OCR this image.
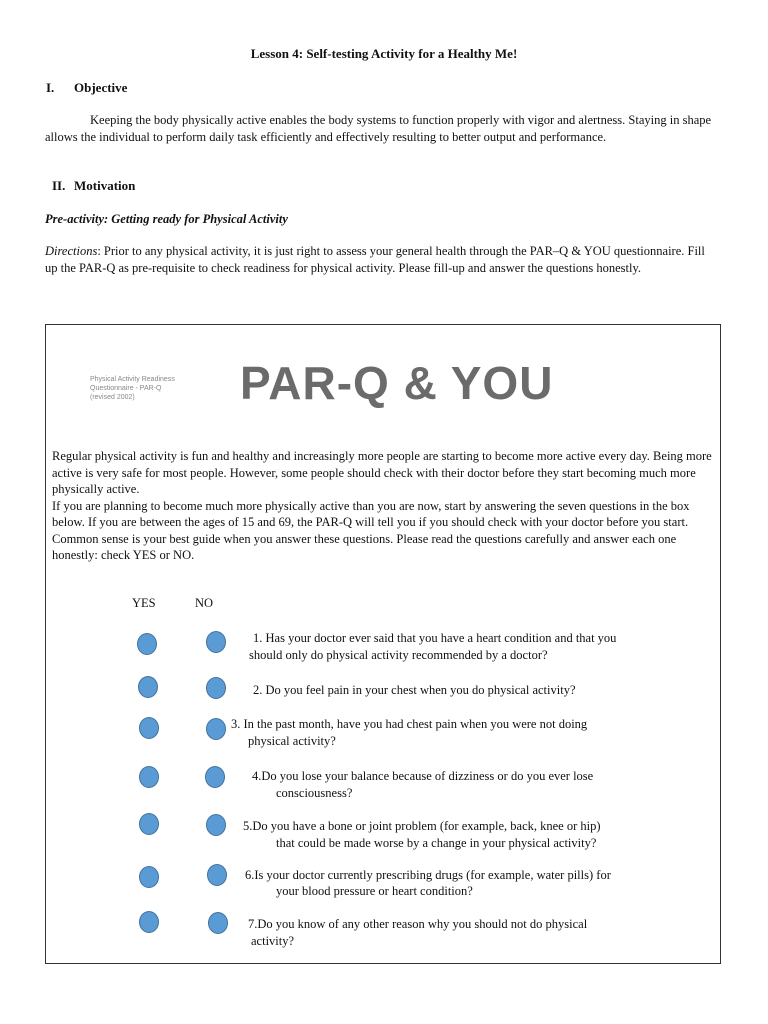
Lesson 4: Self-testing Activity for a Healthy Me!
I. Objective
Keeping the body physically active enables the body systems to function properly with vigor and alertness. Staying in shape allows the individual to perform daily task efficiently and effectively resulting to better output and performance.
II. Motivation
Pre-activity: Getting ready for Physical Activity
Directions: Prior to any physical activity, it is just right to assess your general health through the PAR–Q & YOU questionnaire. Fill up the PAR-Q as pre-requisite to check readiness for physical activity. Please fill-up and answer the questions honestly.
Physical Activity Readiness
Questionnaire - PAR-Q
(revised 2002)	PAR-Q & YOU
Regular physical activity is fun and healthy and increasingly more people are starting to become more active every day. Being more active is very safe for most people. However, some people should check with their doctor before they start becoming much more physically active.
If you are planning to become much more physically active than you are now, start by answering the seven questions in the box below. If you are between the ages of 15 and 69, the PAR-Q will tell you if you should check with your doctor before you start.
Common sense is your best guide when you answer these questions. Please read the questions carefully and answer each one honestly: check YES or NO.
YES	NO
1. Has your doctor ever said that you have a heart condition and that you
should only do physical activity recommended by a doctor?
2. Do you feel pain in your chest when you do physical activity?
3. In the past month, have you had chest pain when you were not doing
physical activity?
4.Do you lose your balance because of dizziness or do you ever lose
consciousness?
5.Do you have a bone or joint problem (for example, back, knee or hip)
that could be made worse by a change in your physical activity?
6.Is your doctor currently prescribing drugs (for example, water pills) for
your blood pressure or heart condition?
7.Do you know of any other reason why you should not do physical
activity?
